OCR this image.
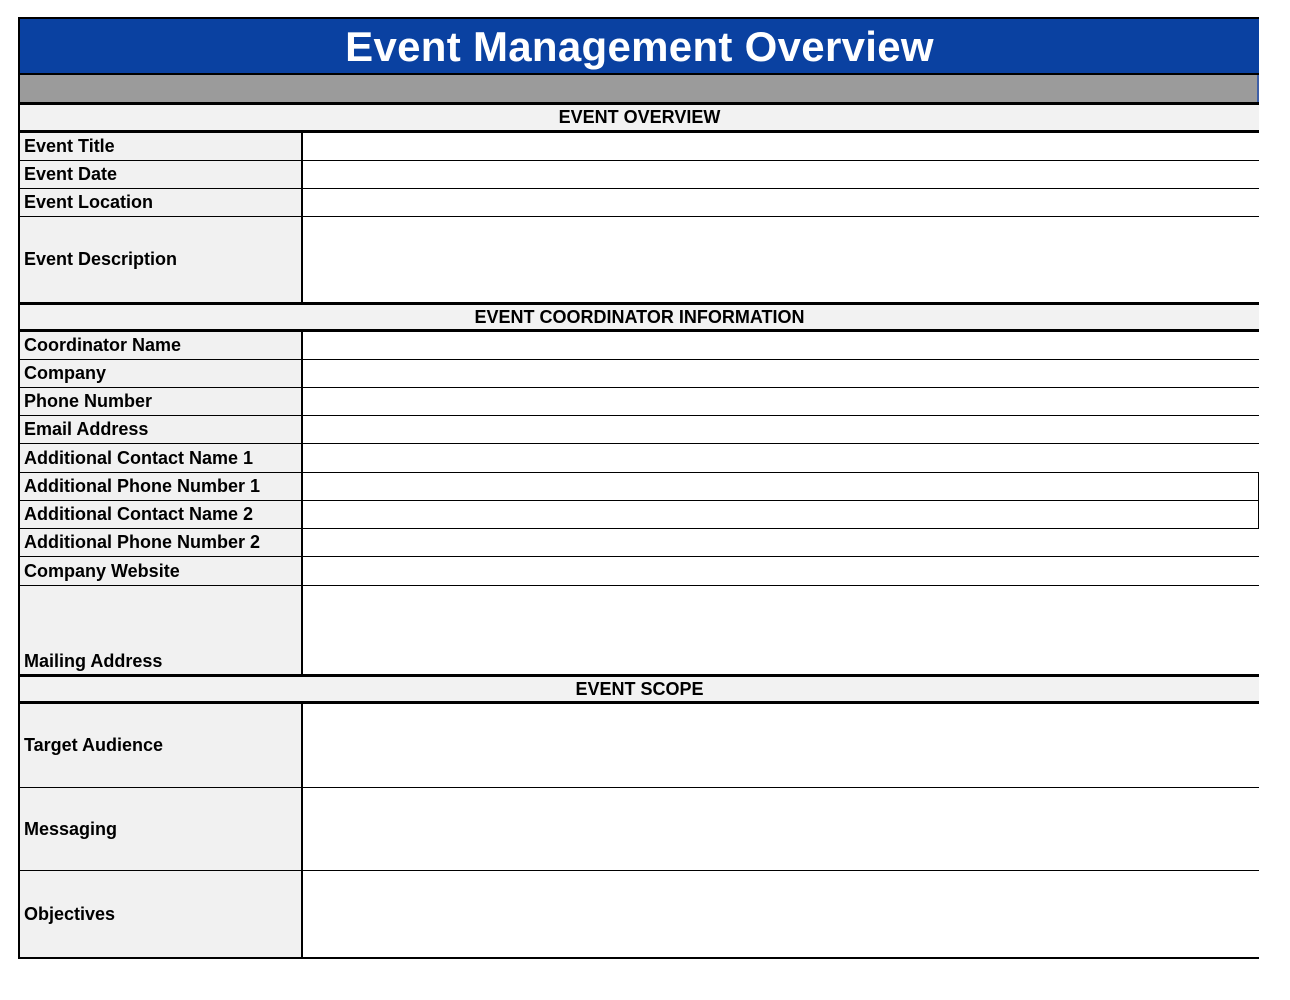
Event Management Overview
EVENT OVERVIEW
Event Title
Event Date
Event Location
Event Description
EVENT COORDINATOR INFORMATION
Coordinator Name
Company
Phone Number
Email Address
Additional Contact Name 1
Additional Phone Number 1
Additional Contact Name 2
Additional Phone Number 2
Company Website
Mailing Address
EVENT SCOPE
Target Audience
Messaging
Objectives
